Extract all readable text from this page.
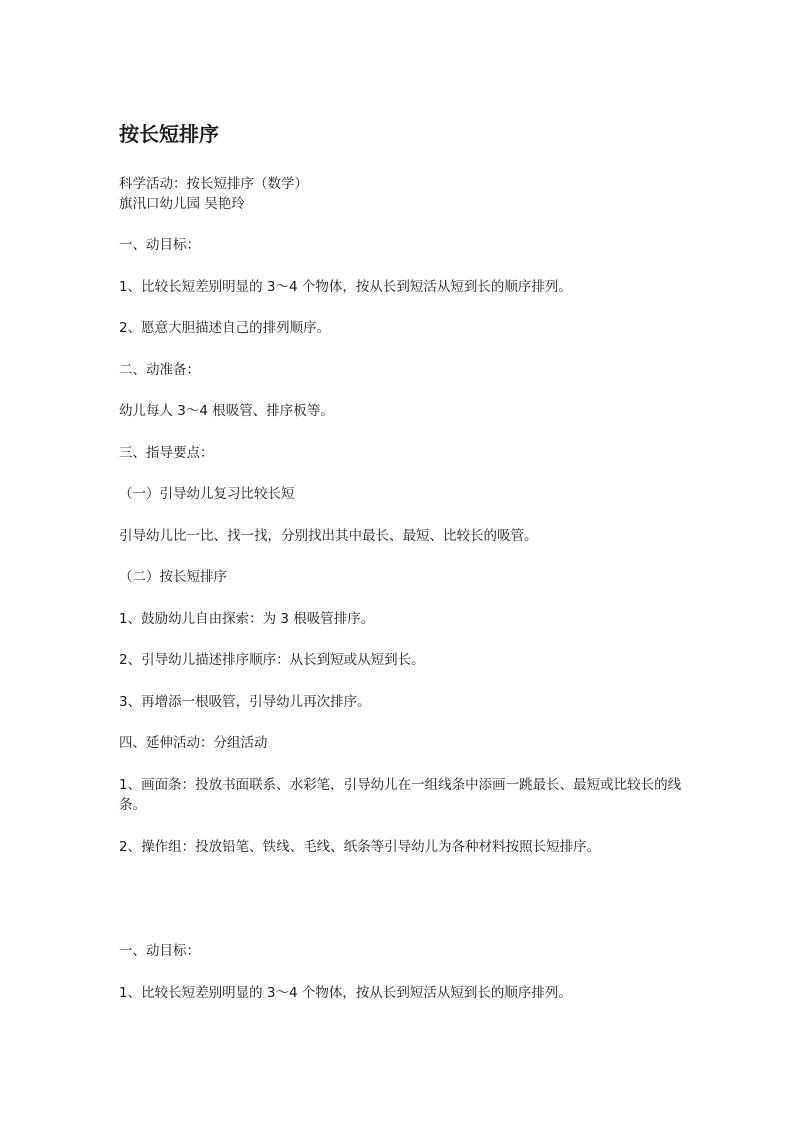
按长短排序
科学活动：按长短排序（数学）
旗汛口幼儿园 吴艳玲
一、动目标：
1、比较长短差别明显的 3～4 个物体，按从长到短活从短到长的顺序排列。
2、愿意大胆描述自己的排列顺序。
二、动准备：
幼儿每人 3～4 根吸管、排序板等。
三、指导要点：
（一）引导幼儿复习比较长短
引导幼儿比一比、找一找，分别找出其中最长、最短、比较长的吸管。
（二）按长短排序
1、鼓励幼儿自由探索：为 3 根吸管排序。
2、引导幼儿描述排序顺序：从长到短或从短到长。
3、再增添一根吸管，引导幼儿再次排序。
四、延伸活动：分组活动
1、画面条：投放书面联系、水彩笔，引导幼儿在一组线条中添画一跳最长、最短或比较长的线条。
2、操作组：投放铅笔、铁线、毛线、纸条等引导幼儿为各种材料按照长短排序。
一、动目标：
1、比较长短差别明显的 3～4 个物体，按从长到短活从短到长的顺序排列。
